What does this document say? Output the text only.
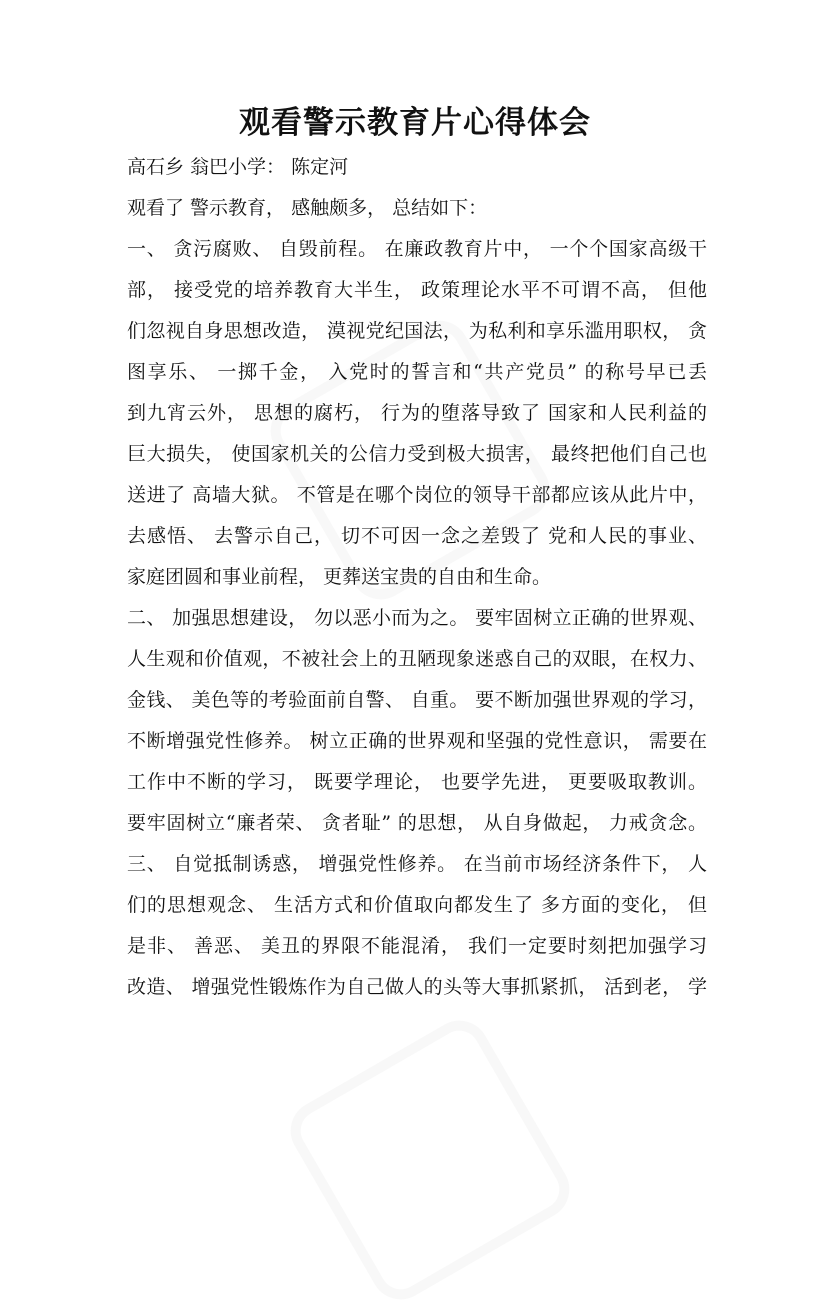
观看警示教育片心得体会
高石乡 翁巴小学： 陈定河
观看了 警示教育， 感触颇多， 总结如下：
一、 贪污腐败、 自毁前程。 在廉政教育片中， 一个个国家高级干
部， 接受党的培养教育大半生， 政策理论水平不可谓不高， 但他
们忽视自身思想改造， 漠视党纪国法， 为私利和享乐滥用职权， 贪
图享乐、 一掷千金， 入党时的誓言和“共产党员” 的称号早已丢
到九宵云外， 思想的腐朽， 行为的堕落导致了 国家和人民利益的
巨大损失， 使国家机关的公信力受到极大损害， 最终把他们自己也
送进了 高墙大狱。 不管是在哪个岗位的领导干部都应该从此片中，
去感悟、 去警示自己， 切不可因一念之差毁了 党和人民的事业、
家庭团圆和事业前程， 更葬送宝贵的自由和生命。
二、 加强思想建设， 勿以恶小而为之。 要牢固树立正确的世界观、
人生观和价值观，不被社会上的丑陋现象迷惑自己的双眼，在权力、
金钱、 美色等的考验面前自警、 自重。 要不断加强世界观的学习，
不断增强党性修养。 树立正确的世界观和坚强的党性意识， 需要在
工作中不断的学习， 既要学理论， 也要学先进， 更要吸取教训。
要牢固树立“廉者荣、 贪者耻” 的思想， 从自身做起， 力戒贪念。
三、 自觉抵制诱惑， 增强党性修养。 在当前市场经济条件下， 人
们的思想观念、 生活方式和价值取向都发生了 多方面的变化， 但
是非、 善恶、 美丑的界限不能混淆， 我们一定要时刻把加强学习
改造、 增强党性锻炼作为自己做人的头等大事抓紧抓， 活到老， 学
